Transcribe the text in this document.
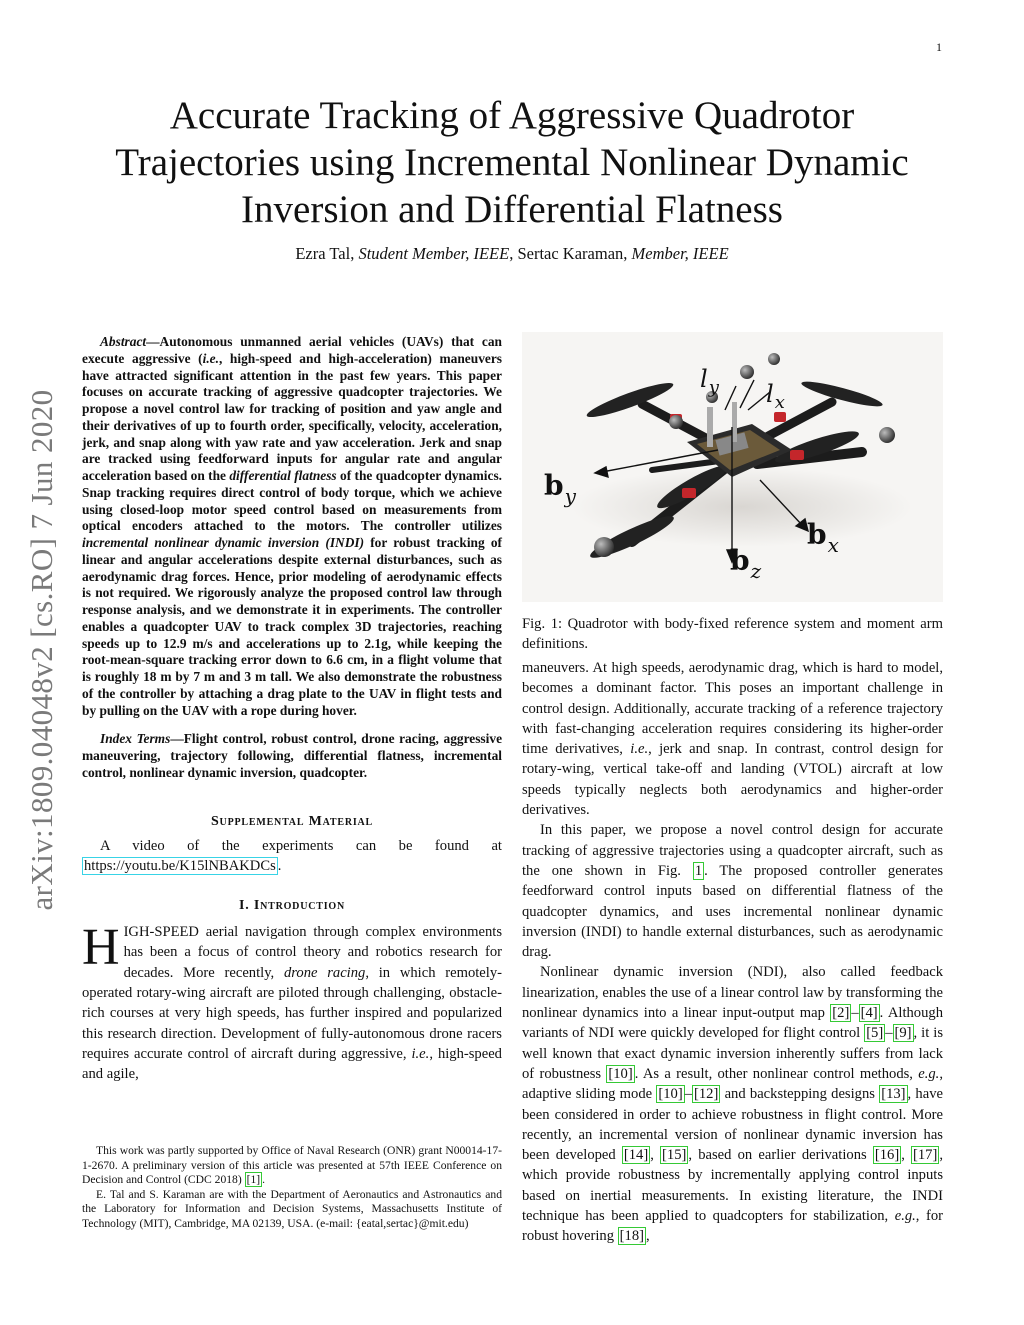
1
arXiv:1809.04048v2 [cs.RO] 7 Jun 2020
Accurate Tracking of Aggressive Quadrotor
Trajectories using Incremental Nonlinear Dynamic
Inversion and Differential Flatness
Ezra Tal, Student Member, IEEE, Sertac Karaman, Member, IEEE

Abstract—Autonomous unmanned aerial vehicles (UAVs) that can execute aggressive (i.e., high-speed and high-acceleration) maneuvers have attracted significant attention in the past few years. This paper focuses on accurate tracking of aggressive quadcopter trajectories. We propose a novel control law for tracking of position and yaw angle and their derivatives of up to fourth order, specifically, velocity, acceleration, jerk, and snap along with yaw rate and yaw acceleration. Jerk and snap are tracked using feedforward inputs for angular rate and angular acceleration based on the differential flatness of the quadcopter dynamics. Snap tracking requires direct control of body torque, which we achieve using closed-loop motor speed control based on measurements from optical encoders attached to the motors. The controller utilizes incremental nonlinear dynamic inversion (INDI) for robust tracking of linear and angular accelerations despite external disturbances, such as aerodynamic drag forces. Hence, prior modeling of aerodynamic effects is not required. We rigorously analyze the proposed control law through response analysis, and we demonstrate it in experiments. The controller enables a quadcopter UAV to track complex 3D trajectories, reaching speeds up to 12.9 m/s and accelerations up to 2.1g, while keeping the root-mean-square tracking error down to 6.6 cm, in a flight volume that is roughly 18 m by 7 m and 3 m tall. We also demonstrate the robustness of the controller by attaching a drag plate to the UAV in flight tests and by pulling on the UAV with a rope during hover.

Index Terms—Flight control, robust control, drone racing, aggressive maneuvering, trajectory following, differential flatness, incremental control, nonlinear dynamic inversion, quadcopter.

Supplemental Material

A video of the experiments can be found at https://youtu.be/K15lNBAKDCs .

I. Introduction

HIGH-SPEED aerial navigation through complex environments has been a focus of control theory and robotics research for decades. More recently, drone racing, in which remotely-operated rotary-wing aircraft are piloted through challenging, obstacle-rich courses at very high speeds, has further inspired and popularized this research direction. Development of fully-autonomous drone racers requires accurate control of aircraft during aggressive, i.e., high-speed and agile,

This work was partly supported by Office of Naval Research (ONR) grant N00014-17-1-2670. A preliminary version of this article was presented at 57th IEEE Conference on Decision and Control (CDC 2018) [1] .

E. Tal and S. Karaman are with the Department of Aeronautics and Astronautics and the Laboratory for Information and Decision Systems, Massachusetts Institute of Technology (MIT), Cambridge, MA 02139, USA. (e-mail: {eatal,sertac}@mit.edu)

$l_y$ $l_x$
$b_y$
$b_x$
$b_z$

Fig. 1: Quadrotor with body-fixed reference system and moment arm definitions.

maneuvers. At high speeds, aerodynamic drag, which is hard to model, becomes a dominant factor. This poses an important challenge in control design. Additionally, accurate tracking of a reference trajectory with fast-changing acceleration requires considering its higher-order time derivatives, i.e., jerk and snap. In contrast, control design for rotary-wing, vertical take-off and landing (VTOL) aircraft at low speeds typically neglects both aerodynamics and higher-order derivatives.

In this paper, we propose a novel control design for accurate tracking of aggressive trajectories using a quadcopter aircraft, such as the one shown in Fig. 1 . The proposed controller generates feedforward control inputs based on differential flatness of the quadcopter dynamics, and uses incremental nonlinear dynamic inversion (INDI) to handle external disturbances, such as aerodynamic drag.

Nonlinear dynamic inversion (NDI), also called feedback linearization, enables the use of a linear control law by transforming the nonlinear dynamics into a linear input-output map [2] – [4] . Although variants of NDI were quickly developed for flight control [5] – [9] , it is well known that exact dynamic inversion inherently suffers from lack of robustness [10] . As a result, other nonlinear control methods, e.g., adaptive sliding mode [10] – [12] and backstepping designs [13] , have been considered in order to achieve robustness in flight control. More recently, an incremental version of nonlinear dynamic inversion has been developed [14] , [15] , based on earlier derivations [16] , [17] , which provide robustness by incrementally applying control inputs based on inertial measurements. In existing literature, the INDI technique has been applied to quadcopters for stabilization, e.g., for robust hovering [18] ,
